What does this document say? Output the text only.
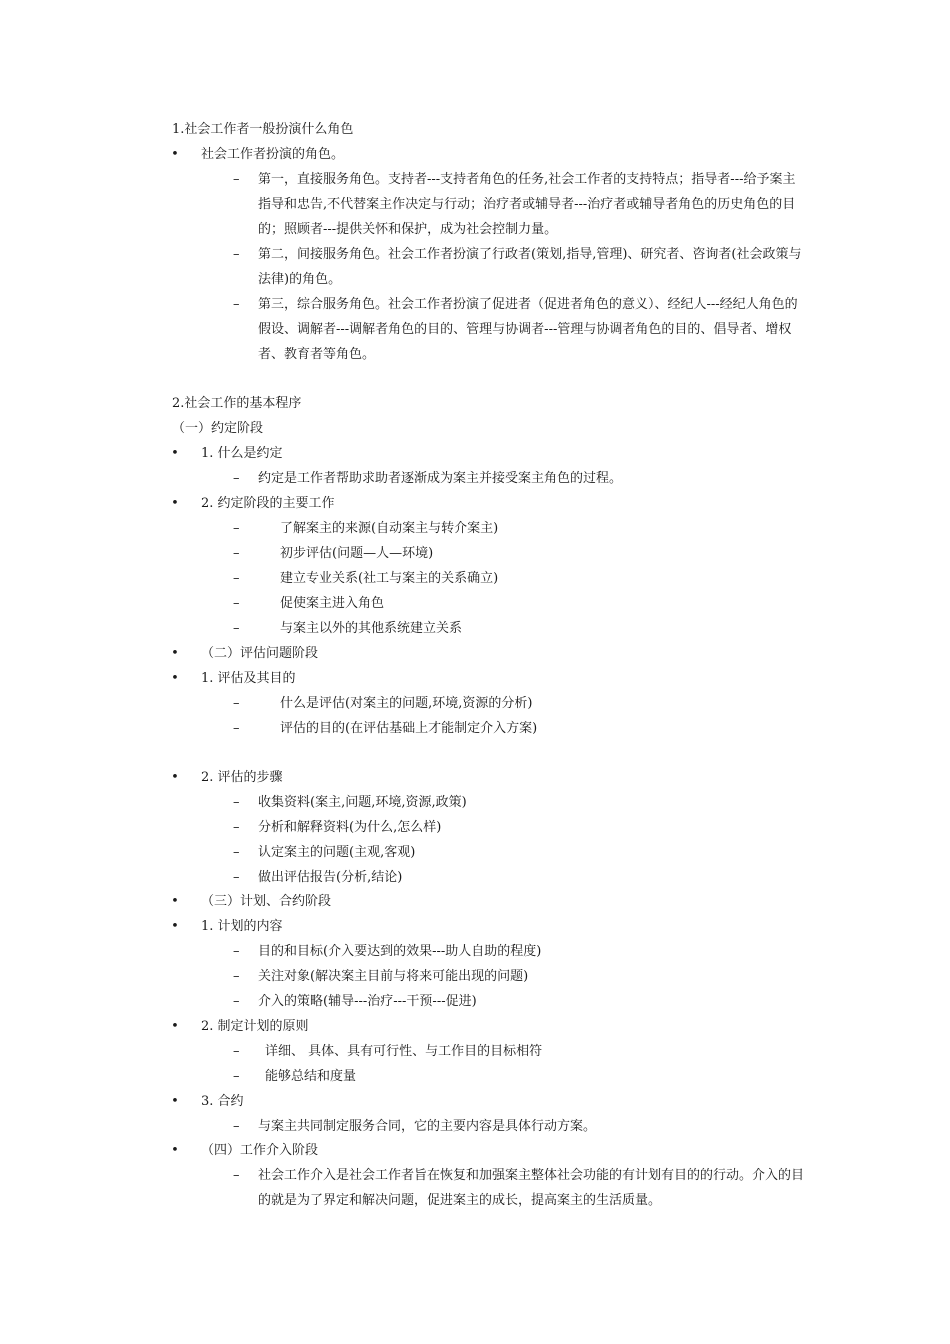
1.社会工作者一般扮演什么角色
• 社会工作者扮演的角色。
– 第一，直接服务角色。支持者---支持者角色的任务,社会工作者的支持特点；指导者---给予案主指导和忠告,不代替案主作决定与行动；治疗者或辅导者---治疗者或辅导者角色的历史角色的目的；照顾者---提供关怀和保护，成为社会控制力量。
– 第二，间接服务角色。社会工作者扮演了行政者(策划,指导,管理)、研究者、咨询者(社会政策与法律)的角色。
– 第三，综合服务角色。社会工作者扮演了促进者（促进者角色的意义）、经纪人---经纪人角色的假设、调解者---调解者角色的目的、管理与协调者---管理与协调者角色的目的、倡导者、增权者、教育者等角色。
2.社会工作的基本程序
（一）约定阶段
• 1. 什么是约定
– 约定是工作者帮助求助者逐渐成为案主并接受案主角色的过程。
• 2. 约定阶段的主要工作
–	了解案主的来源(自动案主与转介案主)
–	初步评估(问题—人—环境)
–	建立专业关系(社工与案主的关系确立)
–	促使案主进入角色
–	与案主以外的其他系统建立关系
• （二）评估问题阶段
• 1. 评估及其目的
–	什么是评估(对案主的问题,环境,资源的分析)
–	评估的目的(在评估基础上才能制定介入方案)
• 2. 评估的步骤
– 收集资料(案主,问题,环境,资源,政策)
– 分析和解释资料(为什么,怎么样)
– 认定案主的问题(主观,客观)
– 做出评估报告(分析,结论)
• （三）计划、合约阶段
• 1. 计划的内容
– 目的和目标(介入要达到的效果---助人自助的程度)
– 关注对象(解决案主目前与将来可能出现的问题)
– 介入的策略(辅导---治疗---干预---促进)
• 2. 制定计划的原则
– 详细、 具体、具有可行性、与工作目的目标相符
– 能够总结和度量
• 3. 合约
– 与案主共同制定服务合同，它的主要内容是具体行动方案。
• （四）工作介入阶段
– 社会工作介入是社会工作者旨在恢复和加强案主整体社会功能的有计划有目的的行动。介入的目的就是为了界定和解决问题，促进案主的成长，提高案主的生活质量。
